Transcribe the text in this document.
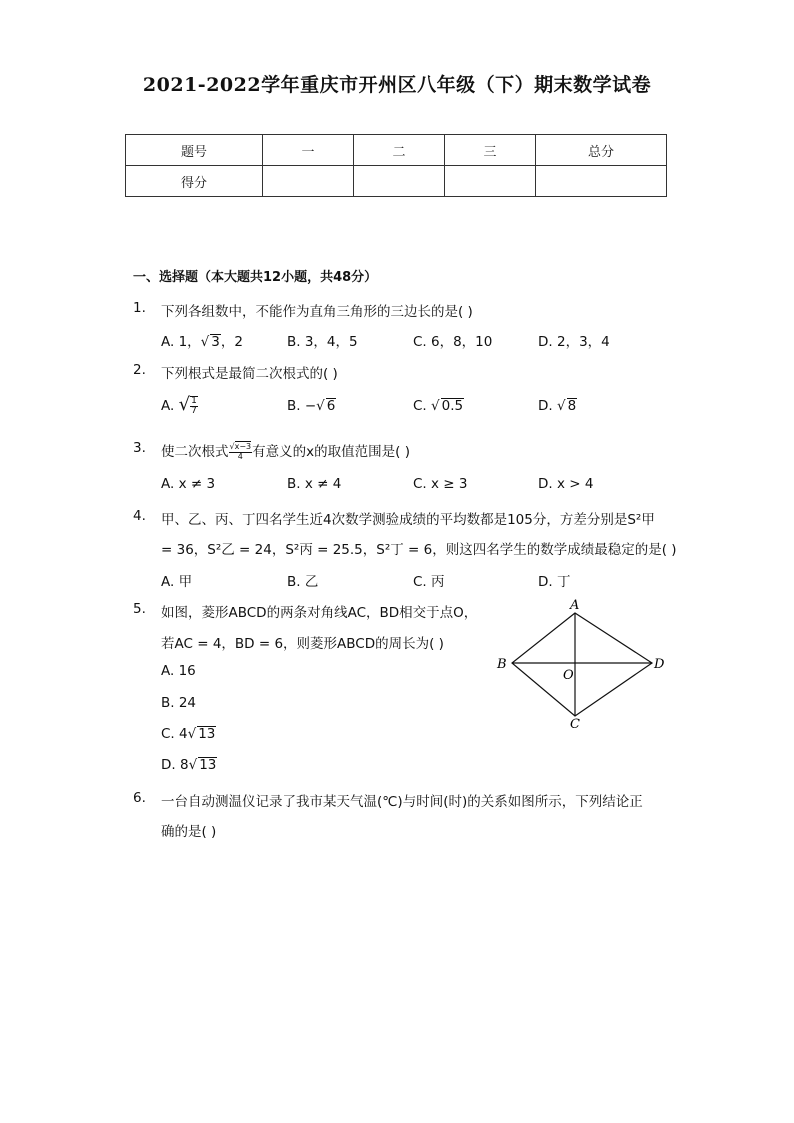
2021-2022学年重庆市开州区八年级（下）期末数学试卷
题号	一	二	三	总分
得分				
一、选择题（本大题共12小题，共48分）
1. 下列各组数中，不能作为直角三角形的三边长的是( )
A. 1，√ 3，2	B. 3，4，5	C. 6，8，10	D. 2，3，4
2. 下列根式是最简二次根式的( )
A. √ $\frac{1}{7}$	B. −√ 6	C. √ 0.5	D. √ 8
3. 使二次根式 $\frac{√x-3}{4}$ 有意义的x的取值范围是( )
A. x ≠ 3	B. x ≠ 4	C. x ≥ 3	D. x > 4
4. 甲、乙、丙、丁四名学生近4次数学测验成绩的平均数都是105分，方差分别是S²甲
= 36，S²乙 = 24，S²丙 = 25.5，S²丁 = 6，则这四名学生的数学成绩最稳定的是( )
A. 甲	B. 乙	C. 丙	D. 丁
5. 如图，菱形ABCD的两条对角线AC，BD相交于点O，
若AC = 4，BD = 6，则菱形ABCD的周长为( )
A. 16
B. 24
C. 4√ 13
D. 8√ 13
A
B
C
D
O
6. 一台自动测温仪记录了我市某天气温(℃)与时间(时)的关系如图所示，下列结论正
确的是( )
